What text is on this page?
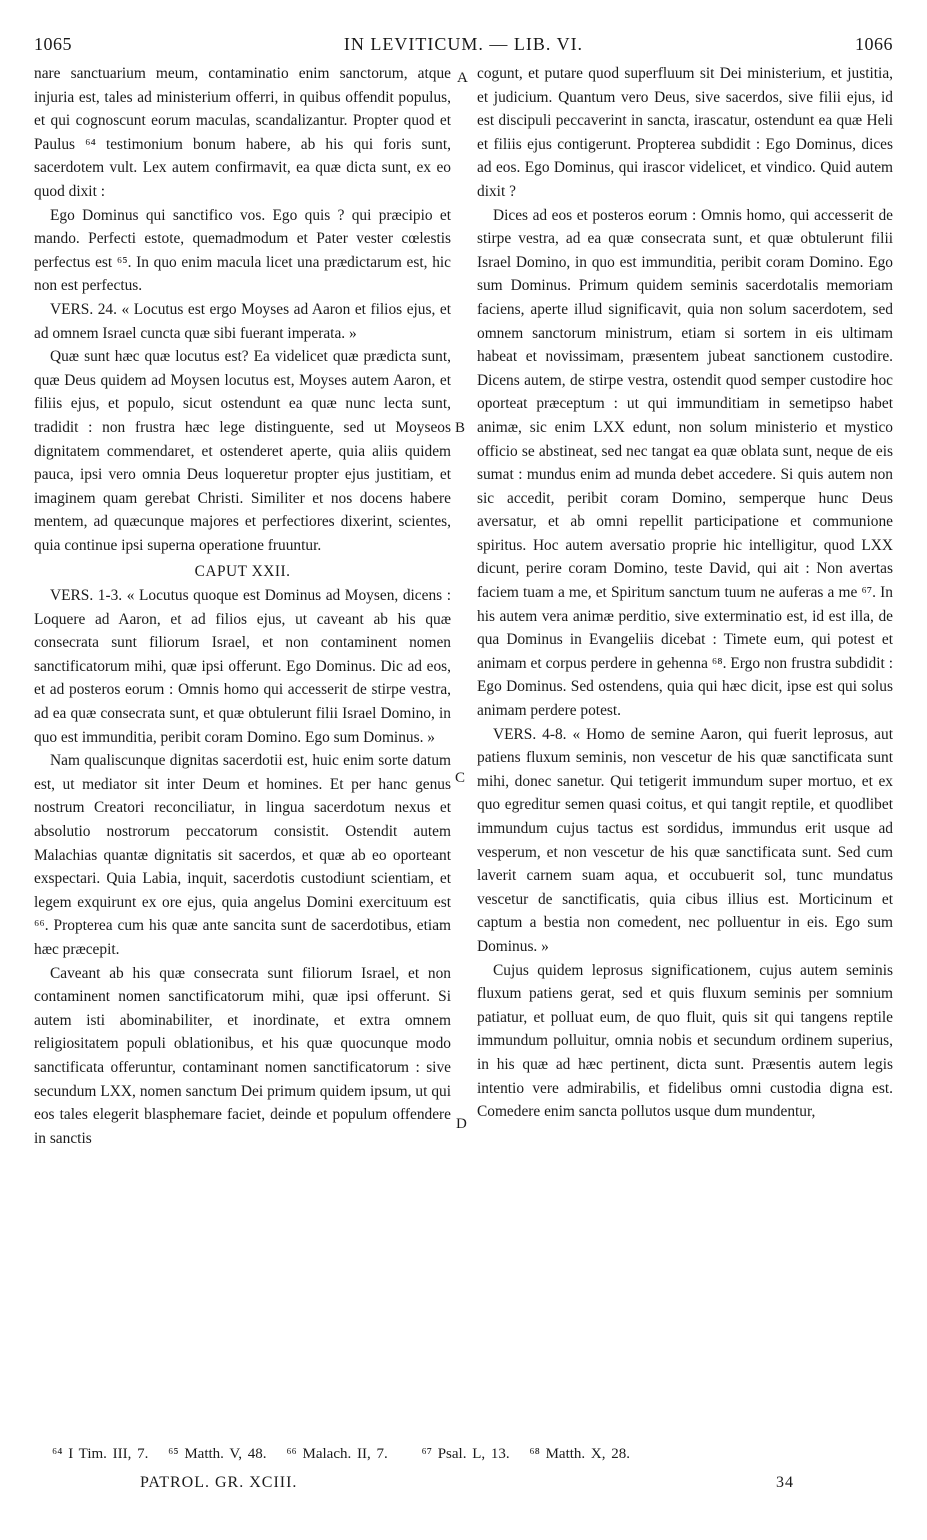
1065	IN LEVITICUM. — LIB. VI.	1066
A
B
C
D

nare sanctuarium meum, contaminatio enim sanctorum, atque injuria est, tales ad ministerium offerri, in quibus offendit populus, et qui cognoscunt eorum maculas, scandalizantur. Propter quod et Paulus ⁶⁴ testimonium bonum habere, ab his qui foris sunt, sacerdotem vult. Lex autem confirmavit, ea quæ dicta sunt, ex eo quod dixit :

Ego Dominus qui sanctifico vos. Ego quis ? qui præcipio et mando. Perfecti estote, quemadmodum et Pater vester cœlestis perfectus est ⁶⁵. In quo enim macula licet una prædictarum est, hic non est perfectus.

VERS. 24. « Locutus est ergo Moyses ad Aaron et filios ejus, et ad omnem Israel cuncta quæ sibi fuerant imperata. »

Quæ sunt hæc quæ locutus est? Ea videlicet quæ prædicta sunt, quæ Deus quidem ad Moysen locutus est, Moyses autem Aaron, et filiis ejus, et populo, sicut ostendunt ea quæ nunc lecta sunt, tradidit : non frustra hæc lege distinguente, sed ut Moyseos dignitatem commendaret, et ostenderet aperte, quia aliis quidem pauca, ipsi vero omnia Deus loqueretur propter ejus justitiam, et imaginem quam gerebat Christi. Similiter et nos docens habere mentem, ad quæcunque majores et perfectiores dixerint, scientes, quia continue ipsi superna operatione fruuntur.

CAPUT XXII.

VERS. 1-3. « Locutus quoque est Dominus ad Moysen, dicens : Loquere ad Aaron, et ad filios ejus, ut caveant ab his quæ consecrata sunt filiorum Israel, et non contaminent nomen sanctificatorum mihi, quæ ipsi offerunt. Ego Dominus. Dic ad eos, et ad posteros eorum : Omnis homo qui accesserit de stirpe vestra, ad ea quæ consecrata sunt, et quæ obtulerunt filii Israel Domino, in quo est immunditia, peribit coram Domino. Ego sum Dominus. »

Nam qualiscunque dignitas sacerdotii est, huic enim sorte datum est, ut mediator sit inter Deum et homines. Et per hanc genus nostrum Creatori reconciliatur, in lingua sacerdotum nexus et absolutio nostrorum peccatorum consistit. Ostendit autem Malachias quantæ dignitatis sit sacerdos, et quæ ab eo oporteant exspectari. Quia Labia, inquit, sacerdotis custodiunt scientiam, et legem exquirunt ex ore ejus, quia angelus Domini exercituum est ⁶⁶. Propterea cum his quæ ante sancita sunt de sacerdotibus, etiam hæc præcepit.

Caveant ab his quæ consecrata sunt filiorum Israel, et non contaminent nomen sanctificatorum mihi, quæ ipsi offerunt. Si autem isti abominabiliter, et inordinate, et extra omnem religiositatem populi oblationibus, et his quæ quocunque modo sanctificata offeruntur, contaminant nomen sanctificatorum : sive secundum LXX, nomen sanctum Dei primum quidem ipsum, ut qui eos tales elegerit blasphemare faciet, deinde et populum offendere in sanctis

cogunt, et putare quod superfluum sit Dei ministerium, et justitia, et judicium. Quantum vero Deus, sive sacerdos, sive filii ejus, id est discipuli peccaverint in sancta, irascatur, ostendunt ea quæ Heli et filiis ejus contigerunt. Propterea subdidit : Ego Dominus, dices ad eos. Ego Dominus, qui irascor videlicet, et vindico. Quid autem dixit ?

Dices ad eos et posteros eorum : Omnis homo, qui accesserit de stirpe vestra, ad ea quæ consecrata sunt, et quæ obtulerunt filii Israel Domino, in quo est immunditia, peribit coram Domino. Ego sum Dominus. Primum quidem seminis sacerdotalis memoriam faciens, aperte illud significavit, quia non solum sacerdotem, sed omnem sanctorum ministrum, etiam si sortem in eis ultimam habeat et novissimam, præsentem jubeat sanctionem custodire. Dicens autem, de stirpe vestra, ostendit quod semper custodire hoc oporteat præceptum : ut qui immunditiam in semetipso habet animæ, sic enim LXX edunt, non solum ministerio et mystico officio se abstineat, sed nec tangat ea quæ oblata sunt, neque de eis sumat : mundus enim ad munda debet accedere. Si quis autem non sic accedit, peribit coram Domino, semperque hunc Deus aversatur, et ab omni repellit participatione et communione spiritus. Hoc autem aversatio proprie hic intelligitur, quod LXX dicunt, perire coram Domino, teste David, qui ait : Non avertas faciem tuam a me, et Spiritum sanctum tuum ne auferas a me ⁶⁷. In his autem vera animæ perditio, sive exterminatio est, id est illa, de qua Dominus in Evangeliis dicebat : Timete eum, qui potest et animam et corpus perdere in gehenna ⁶⁸. Ergo non frustra subdidit : Ego Dominus. Sed ostendens, quia qui hæc dicit, ipse est qui solus animam perdere potest.

VERS. 4-8. « Homo de semine Aaron, qui fuerit leprosus, aut patiens fluxum seminis, non vescetur de his quæ sanctificata sunt mihi, donec sanetur. Qui tetigerit immundum super mortuo, et ex quo egreditur semen quasi coitus, et qui tangit reptile, et quodlibet immundum cujus tactus est sordidus, immundus erit usque ad vesperum, et non vescetur de his quæ sanctificata sunt. Sed cum laverit carnem suam aqua, et occubuerit sol, tunc mundatus vescetur de sanctificatis, quia cibus illius est. Morticinum et captum a bestia non comedent, nec polluentur in eis. Ego sum Dominus. »

Cujus quidem leprosus significationem, cujus autem seminis fluxum patiens gerat, sed et quis fluxum seminis per somnium patiatur, et polluat eum, de quo fluit, quis sit qui tangens reptile immundum polluitur, omnia nobis et secundum ordinem superius, in his quæ ad hæc pertinent, dicta sunt. Præsentis autem legis intentio vere admirabilis, et fidelibus omni custodia digna est. Comedere enim sancta pollutos usque dum mundentur,

⁶⁴ I Tim. III, 7. ⁶⁵ Matth. V, 48. ⁶⁶ Malach. II, 7. ⁶⁷ Psal. L, 13. ⁶⁸ Matth. X, 28.
PATROL. GR. XCIII.	34
